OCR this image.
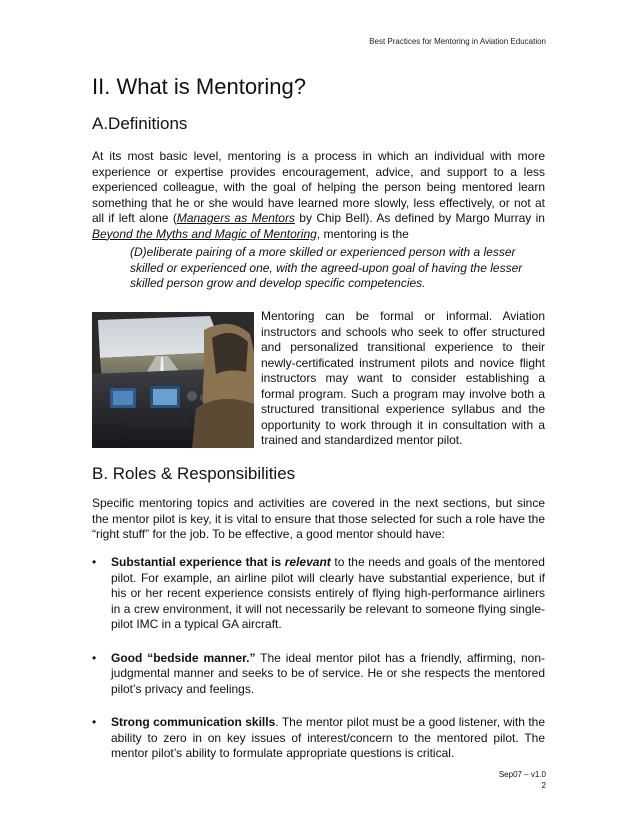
Best Practices for Mentoring in Aviation Education
II. What is Mentoring?
A.Definitions

At its most basic level, mentoring is a process in which an individual with more experience or expertise provides encouragement, advice, and support to a less experienced colleague, with the goal of helping the person being mentored learn something that he or she would have learned more slowly, less effectively, or not at all if left alone (Managers as Mentors by Chip Bell). As defined by Margo Murray in Beyond the Myths and Magic of Mentoring, mentoring is the

(D)eliberate pairing of a more skilled or experienced person with a lesser skilled or experienced one, with the agreed-upon goal of having the lesser skilled person grow and develop specific competencies.

Mentoring can be formal or informal. Aviation instructors and schools who seek to offer structured and personalized transitional experience to their newly-certificated instrument pilots and novice flight instructors may want to consider establishing a formal program. Such a program may involve both a structured transitional experience syllabus and the opportunity to work through it in consultation with a trained and standardized mentor pilot.

B. Roles & Responsibilities

Specific mentoring topics and activities are covered in the next sections, but since the mentor pilot is key, it is vital to ensure that those selected for such a role have the “right stuff” for the job. To be effective, a good mentor should have:

• Substantial experience that is relevant to the needs and goals of the mentored pilot. For example, an airline pilot will clearly have substantial experience, but if his or her recent experience consists entirely of flying high-performance airliners in a crew environment, it will not necessarily be relevant to someone flying single-pilot IMC in a typical GA aircraft.
• Good “bedside manner.” The ideal mentor pilot has a friendly, affirming, non-judgmental manner and seeks to be of service. He or she respects the mentored pilot’s privacy and feelings.
• Strong communication skills. The mentor pilot must be a good listener, with the ability to zero in on key issues of interest/concern to the mentored pilot. The mentor pilot’s ability to formulate appropriate questions is critical.
Sep07 – v1.0
2
